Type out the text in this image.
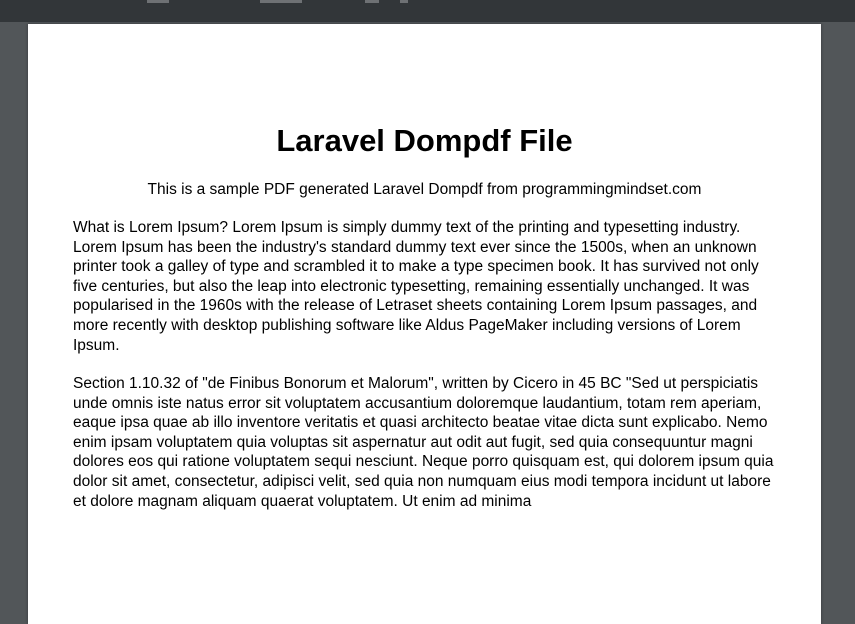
Laravel Dompdf File
This is a sample PDF generated Laravel Dompdf from programmingmindset.com

What is Lorem Ipsum? Lorem Ipsum is simply dummy text of the printing and typesetting industry. Lorem Ipsum has been the industry's standard dummy text ever since the 1500s, when an unknown printer took a galley of type and scrambled it to make a type specimen book. It has survived not only five centuries, but also the leap into electronic typesetting, remaining essentially unchanged. It was popularised in the 1960s with the release of Letraset sheets containing Lorem Ipsum passages, and more recently with desktop publishing software like Aldus PageMaker including versions of Lorem Ipsum.

Section 1.10.32 of "de Finibus Bonorum et Malorum", written by Cicero in 45 BC "Sed ut perspiciatis unde omnis iste natus error sit voluptatem accusantium doloremque laudantium, totam rem aperiam, eaque ipsa quae ab illo inventore veritatis et quasi architecto beatae vitae dicta sunt explicabo. Nemo enim ipsam voluptatem quia voluptas sit aspernatur aut odit aut fugit, sed quia consequuntur magni dolores eos qui ratione voluptatem sequi nesciunt. Neque porro quisquam est, qui dolorem ipsum quia dolor sit amet, consectetur, adipisci velit, sed quia non numquam eius modi tempora incidunt ut labore et dolore magnam aliquam quaerat voluptatem. Ut enim ad minima
